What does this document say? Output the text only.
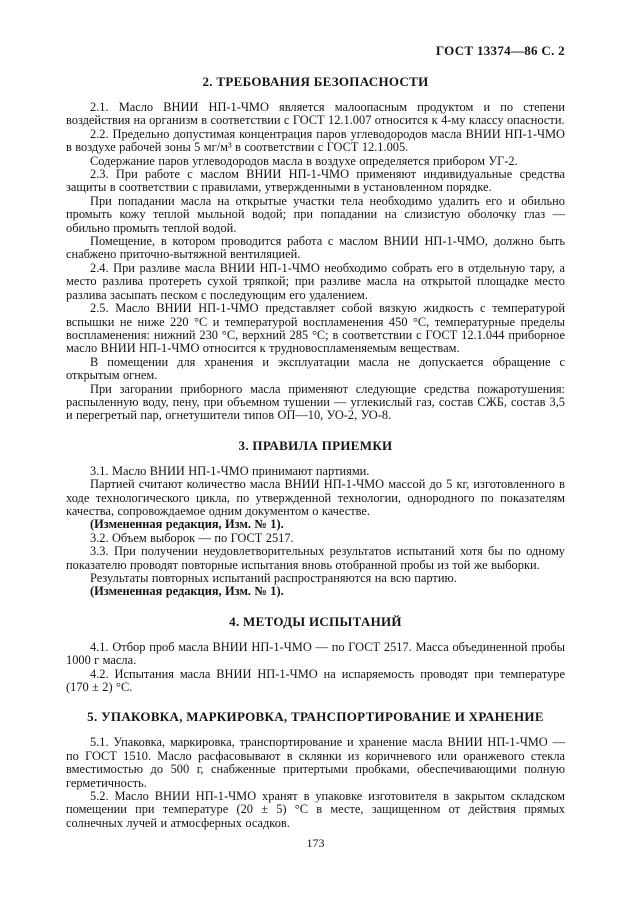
ГОСТ 13374—86 С. 2

2. ТРЕБОВАНИЯ БЕЗОПАСНОСТИ

2.1. Масло ВНИИ НП-1-ЧМО является малоопасным продуктом и по степени воздействия на организм в соответствии с ГОСТ 12.1.007 относится к 4-му классу опасности.

2.2. Предельно допустимая концентрация паров углеводородов масла ВНИИ НП-1-ЧМО в воздухе рабочей зоны 5 мг/м³ в соответствии с ГОСТ 12.1.005.

Содержание паров углеводородов масла в воздухе определяется прибором УГ-2.

2.3. При работе с маслом ВНИИ НП-1-ЧМО применяют индивидуальные средства защиты в соответствии с правилами, утвержденными в установленном порядке.

При попадании масла на открытые участки тела необходимо удалить его и обильно промыть кожу теплой мыльной водой; при попадании на слизистую оболочку глаз — обильно промыть теплой водой.

Помещение, в котором проводится работа с маслом ВНИИ НП-1-ЧМО, должно быть снабжено приточно-вытяжной вентиляцией.

2.4. При разливе масла ВНИИ НП-1-ЧМО необходимо собрать его в отдельную тару, а место разлива протереть сухой тряпкой; при разливе масла на открытой площадке место разлива засыпать песком с последующим его удалением.

2.5. Масло ВНИИ НП-1-ЧМО представляет собой вязкую жидкость с температурой вспышки не ниже 220 °С и температурой воспламенения 450 °С, температурные пределы воспламенения: нижний 230 °С, верхний 285 °С; в соответствии с ГОСТ 12.1.044 приборное масло ВНИИ НП-1-ЧМО относится к трудновоспламеняемым веществам.

В помещении для хранения и эксплуатации масла не допускается обращение с открытым огнем.

При загорании приборного масла применяют следующие средства пожаротушения: распыленную воду, пену, при объемном тушении — углекислый газ, состав СЖБ, состав 3,5 и перегретый пар, огнетушители типов ОП—10, УО-2, УО-8.

3. ПРАВИЛА ПРИЕМКИ

3.1. Масло ВНИИ НП-1-ЧМО принимают партиями.

Партией считают количество масла ВНИИ НП-1-ЧМО массой до 5 кг, изготовленного в ходе технологического цикла, по утвержденной технологии, однородного по показателям качества, сопровождаемое одним документом о качестве.

(Измененная редакция, Изм. № 1).

3.2. Объем выборок — по ГОСТ 2517.

3.3. При получении неудовлетворительных результатов испытаний хотя бы по одному показателю проводят повторные испытания вновь отобранной пробы из той же выборки.

Результаты повторных испытаний распространяются на всю партию.

(Измененная редакция, Изм. № 1).

4. МЕТОДЫ ИСПЫТАНИЙ

4.1. Отбор проб масла ВНИИ НП-1-ЧМО — по ГОСТ 2517. Масса объединенной пробы 1000 г масла.

4.2. Испытания масла ВНИИ НП-1-ЧМО на испаряемость проводят при температуре (170 ± 2) °С.

5. УПАКОВКА, МАРКИРОВКА, ТРАНСПОРТИРОВАНИЕ И ХРАНЕНИЕ

5.1. Упаковка, маркировка, транспортирование и хранение масла ВНИИ НП-1-ЧМО — по ГОСТ 1510. Масло расфасовывают в склянки из коричневого или оранжевого стекла вместимостью до 500 г, снабженные притертыми пробками, обеспечивающими полную герметичность.

5.2. Масло ВНИИ НП-1-ЧМО хранят в упаковке изготовителя в закрытом складском помещении при температуре (20 ± 5) °С в месте, защищенном от действия прямых солнечных лучей и атмосферных осадков.

173
